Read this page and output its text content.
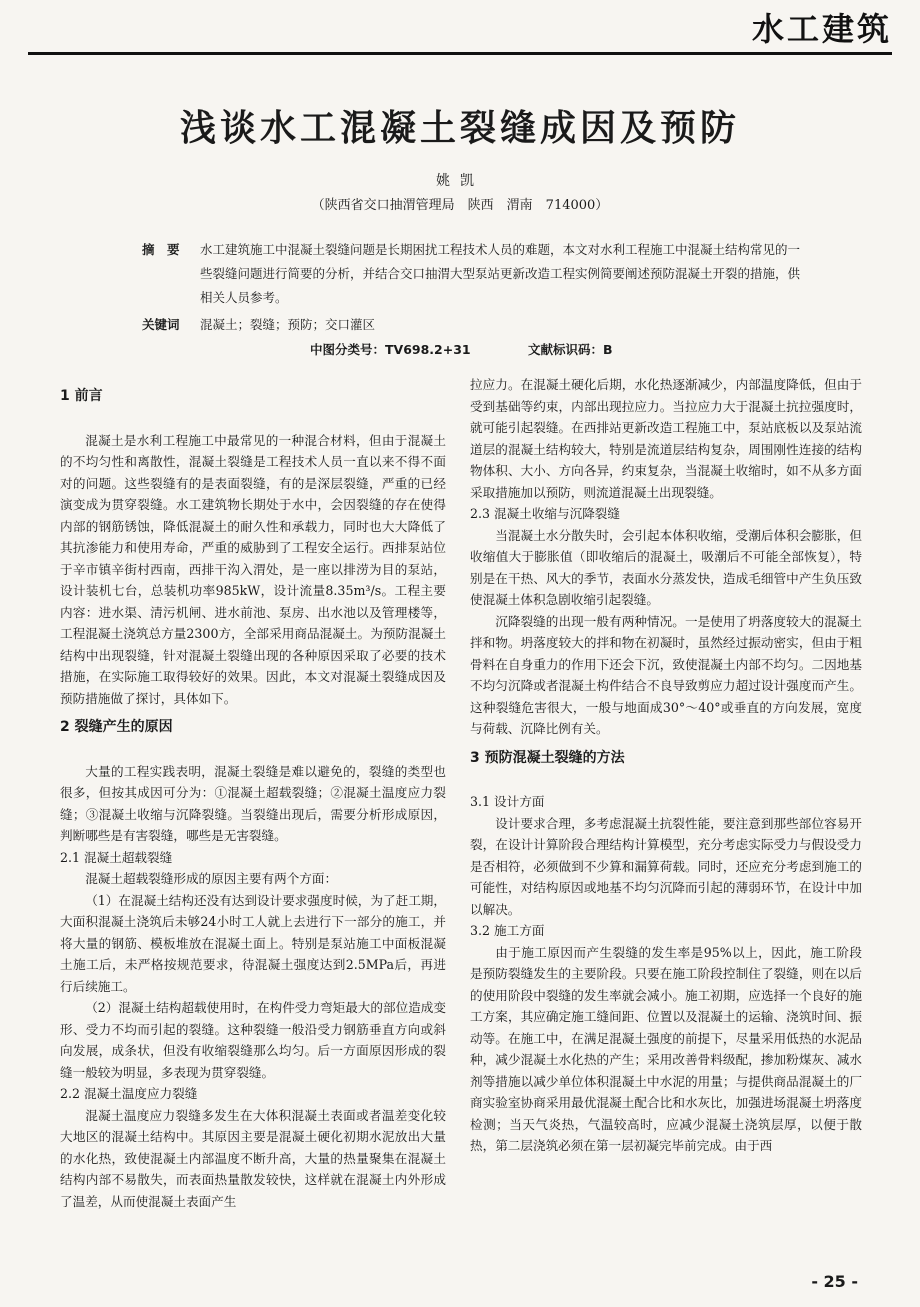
水工建筑
浅谈水工混凝土裂缝成因及预防
姚凯
（陕西省交口抽渭管理局　陕西　渭南　714000）
摘　要	水工建筑施工中混凝土裂缝问题是长期困扰工程技术人员的难题，本文对水利工程施工中混凝土结构常见的一些裂缝问题进行简要的分析，并结合交口抽渭大型泵站更新改造工程实例简要阐述预防混凝土开裂的措施，供相关人员参考。
关键词 混凝土；裂缝；预防；交口灌区
中图分类号：TV698.2+31	文献标识码：B

1 前言

混凝土是水利工程施工中最常见的一种混合材料，但由于混凝土的不均匀性和离散性，混凝土裂缝是工程技术人员一直以来不得不面对的问题。这些裂缝有的是表面裂缝，有的是深层裂缝，严重的已经演变成为贯穿裂缝。水工建筑物长期处于水中，会因裂缝的存在使得内部的钢筋锈蚀，降低混凝土的耐久性和承载力，同时也大大降低了其抗渗能力和使用寿命，严重的威胁到了工程安全运行。西排泵站位于辛市镇辛街村西南，西排干沟入渭处，是一座以排涝为目的泵站，设计装机七台，总装机功率985kW，设计流量8.35m³/s。工程主要内容：进水渠、清污机闸、进水前池、泵房、出水池以及管理楼等，工程混凝土浇筑总方量2300方，全部采用商品混凝土。为预防混凝土结构中出现裂缝，针对混凝土裂缝出现的各种原因采取了必要的技术措施，在实际施工取得较好的效果。因此，本文对混凝土裂缝成因及预防措施做了探讨，具体如下。

2 裂缝产生的原因

大量的工程实践表明，混凝土裂缝是难以避免的，裂缝的类型也很多，但按其成因可分为：①混凝土超载裂缝；②混凝土温度应力裂缝；③混凝土收缩与沉降裂缝。当裂缝出现后，需要分析形成原因，判断哪些是有害裂缝，哪些是无害裂缝。

2.1 混凝土超载裂缝

混凝土超载裂缝形成的原因主要有两个方面：

（1）在混凝土结构还没有达到设计要求强度时候，为了赶工期，大面积混凝土浇筑后未够24小时工人就上去进行下一部分的施工，并将大量的钢筋、模板堆放在混凝土面上。特别是泵站施工中面板混凝土施工后，未严格按规范要求，待混凝土强度达到2.5MPa后，再进行后续施工。

（2）混凝土结构超载使用时，在构件受力弯矩最大的部位造成变形、受力不均而引起的裂缝。这种裂缝一般沿受力钢筋垂直方向或斜向发展，成条状，但没有收缩裂缝那么均匀。后一方面原因形成的裂缝一般较为明显，多表现为贯穿裂缝。

2.2 混凝土温度应力裂缝

混凝土温度应力裂缝多发生在大体积混凝土表面或者温差变化较大地区的混凝土结构中。其原因主要是混凝土硬化初期水泥放出大量的水化热，致使混凝土内部温度不断升高，大量的热量聚集在混凝土结构内部不易散失，而表面热量散发较快，这样就在混凝土内外形成了温差，从而使混凝土表面产生

拉应力。在混凝土硬化后期，水化热逐渐减少，内部温度降低，但由于受到基础等约束，内部出现拉应力。当拉应力大于混凝土抗拉强度时，就可能引起裂缝。在西排站更新改造工程施工中，泵站底板以及泵站流道层的混凝土结构较大，特别是流道层结构复杂，周围刚性连接的结构物体积、大小、方向各异，约束复杂，当混凝土收缩时，如不从多方面采取措施加以预防，则流道混凝土出现裂缝。

2.3 混凝土收缩与沉降裂缝

当混凝土水分散失时，会引起本体积收缩，受潮后体积会膨胀，但收缩值大于膨胀值（即收缩后的混凝土，吸潮后不可能全部恢复），特别是在干热、风大的季节，表面水分蒸发快，造成毛细管中产生负压致使混凝土体积急剧收缩引起裂缝。

沉降裂缝的出现一般有两种情况。一是使用了坍落度较大的混凝土拌和物。坍落度较大的拌和物在初凝时，虽然经过振动密实，但由于粗骨料在自身重力的作用下还会下沉，致使混凝土内部不均匀。二因地基不均匀沉降或者混凝土构件结合不良导致剪应力超过设计强度而产生。这种裂缝危害很大，一般与地面成30°～40°或垂直的方向发展，宽度与荷载、沉降比例有关。

3 预防混凝土裂缝的方法

3.1 设计方面

设计要求合理，多考虑混凝土抗裂性能，要注意到那些部位容易开裂，在设计计算阶段合理结构计算模型，充分考虑实际受力与假设受力是否相符，必须做到不少算和漏算荷载。同时，还应充分考虑到施工的可能性，对结构原因或地基不均匀沉降而引起的薄弱环节，在设计中加以解决。

3.2 施工方面

由于施工原因而产生裂缝的发生率是95%以上，因此，施工阶段是预防裂缝发生的主要阶段。只要在施工阶段控制住了裂缝，则在以后的使用阶段中裂缝的发生率就会减小。施工初期，应选择一个良好的施工方案，其应确定施工缝间距、位置以及混凝土的运输、浇筑时间、振动等。在施工中，在满足混凝土强度的前提下，尽量采用低热的水泥品种，减少混凝土水化热的产生；采用改善骨料级配，掺加粉煤灰、减水剂等措施以减少单位体积混凝土中水泥的用量；与提供商品混凝土的厂商实验室协商采用最优混凝土配合比和水灰比，加强进场混凝土坍落度检测；当天气炎热，气温较高时，应减少混凝土浇筑层厚，以便于散热，第二层浇筑必须在第一层初凝完毕前完成。由于西

- 25 -
